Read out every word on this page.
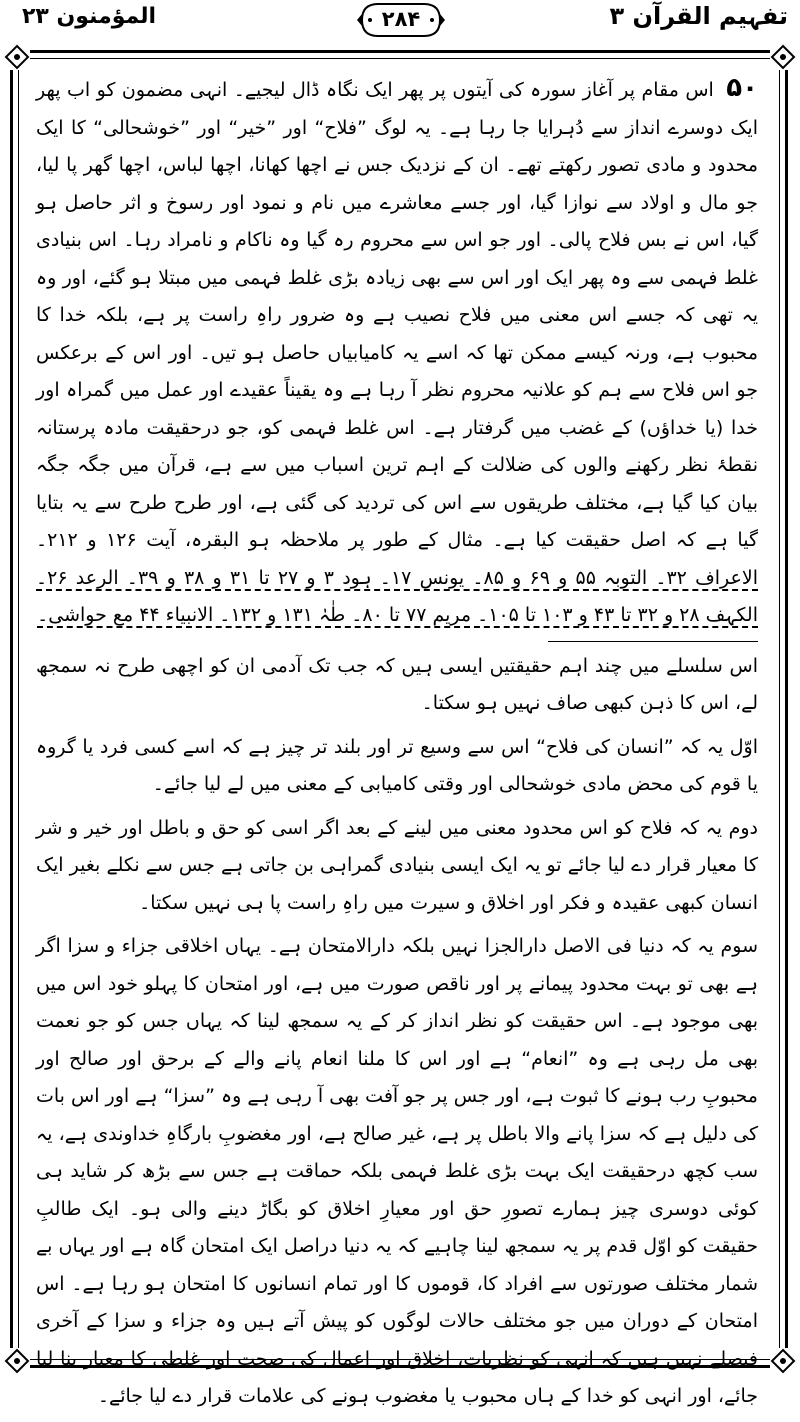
تفہیم القرآن ۳
۲۸۴
المؤمنون ۲۳

۵۰ اس مقام پر آغاز سورہ کی آیتوں پر پھر ایک نگاہ ڈال لیجیے۔ انہی مضمون کو اب پھر ایک دوسرے انداز سے دُہرایا جا رہا ہے۔ یہ لوگ ”فلاح“ اور ”خیر“ اور ”خوشحالی“ کا ایک محدود و مادی تصور رکھتے تھے۔ ان کے نزدیک جس نے اچھا کھانا، اچھا لباس، اچھا گھر پا لیا، جو مال و اولاد سے نوازا گیا، اور جسے معاشرے میں نام و نمود اور رسوخ و اثر حاصل ہو گیا، اس نے بس فلاح پالی۔ اور جو اس سے محروم رہ گیا وہ ناکام و نامراد رہا۔ اس بنیادی غلط فہمی سے وہ پھر ایک اور اس سے بھی زیادہ بڑی غلط فہمی میں مبتلا ہو گئے، اور وہ یہ تھی کہ جسے اس معنی میں فلاح نصیب ہے وہ ضرور راہِ راست پر ہے، بلکہ خدا کا محبوب ہے، ورنہ کیسے ممکن تھا کہ اسے یہ کامیابیاں حاصل ہو تیں۔ اور اس کے برعکس جو اس فلاح سے ہم کو علانیہ محروم نظر آ رہا ہے وہ یقیناً عقیدے اور عمل میں گمراہ اور خدا (یا خداؤں) کے غضب میں گرفتار ہے۔ اس غلط فہمی کو، جو درحقیقت مادہ پرستانہ نقطۂ نظر رکھنے والوں کی ضلالت کے اہم ترین اسباب میں سے ہے، قرآن میں جگہ جگہ بیان کیا گیا ہے، مختلف طریقوں سے اس کی تردید کی گئی ہے، اور طرح طرح سے یہ بتایا گیا ہے کہ اصل حقیقت کیا ہے۔ مثال کے طور پر ملاحظہ ہو البقرہ، آیت ۱۲۶ و ۲۱۲۔ الاعراف ۳۲۔ التوبہ ۵۵ و ۶۹ و ۸۵۔ یونس ۱۷۔ ہود ۳ و ۲۷ تا ۳۱ و ۳۸ و ۳۹۔ الرعد ۲۶۔ الکہف ۲۸ و ۳۲ تا ۴۳ و ۱۰۳ تا ۱۰۵۔ مریم ۷۷ تا ۸۰۔ طٰہٰ ۱۳۱ و ۱۳۲۔ الانبیاء ۴۴ مع حواشی۔

اس سلسلے میں چند اہم حقیقتیں ایسی ہیں کہ جب تک آدمی ان کو اچھی طرح نہ سمجھ لے، اس کا ذہن کبھی صاف نہیں ہو سکتا۔

اوّل یہ کہ ”انسان کی فلاح“ اس سے وسیع تر اور بلند تر چیز ہے کہ اسے کسی فرد یا گروہ یا قوم کی محض مادی خوشحالی اور وقتی کامیابی کے معنی میں لے لیا جائے۔

دوم یہ کہ فلاح کو اس محدود معنی میں لینے کے بعد اگر اسی کو حق و باطل اور خیر و شر کا معیار قرار دے لیا جائے تو یہ ایک ایسی بنیادی گمراہی بن جاتی ہے جس سے نکلے بغیر ایک انسان کبھی عقیدہ و فکر اور اخلاق و سیرت میں راہِ راست پا ہی نہیں سکتا۔

سوم یہ کہ دنیا فی الاصل دارالجزا نہیں بلکہ دارالامتحان ہے۔ یہاں اخلاقی جزاء و سزا اگر ہے بھی تو بہت محدود پیمانے پر اور ناقص صورت میں ہے، اور امتحان کا پہلو خود اس میں بھی موجود ہے۔ اس حقیقت کو نظر انداز کر کے یہ سمجھ لینا کہ یہاں جس کو جو نعمت بھی مل رہی ہے وہ ”انعام“ ہے اور اس کا ملنا انعام پانے والے کے برحق اور صالح اور محبوبِ رب ہونے کا ثبوت ہے، اور جس پر جو آفت بھی آ رہی ہے وہ ”سزا“ ہے اور اس بات کی دلیل ہے کہ سزا پانے والا باطل پر ہے، غیر صالح ہے، اور مغضوبِ بارگاہِ خداوندی ہے، یہ سب کچھ درحقیقت ایک بہت بڑی غلط فہمی بلکہ حماقت ہے جس سے بڑھ کر شاید ہی کوئی دوسری چیز ہمارے تصورِ حق اور معیارِ اخلاق کو بگاڑ دینے والی ہو۔ ایک طالبِ حقیقت کو اوّل قدم پر یہ سمجھ لینا چاہیے کہ یہ دنیا دراصل ایک امتحان گاہ ہے اور یہاں بے شمار مختلف صورتوں سے افراد کا، قوموں کا اور تمام انسانوں کا امتحان ہو رہا ہے۔ اس امتحان کے دوران میں جو مختلف حالات لوگوں کو پیش آتے ہیں وہ جزاء و سزا کے آخری فیصلے نہیں ہیں کہ انہی کو نظریات، اخلاق اور اعمال کی صحت اور غلطی کا معیار بنا لیا جائے، اور انہی کو خدا کے ہاں محبوب یا مغضوب ہونے کی علامات قرار دے لیا جائے۔
